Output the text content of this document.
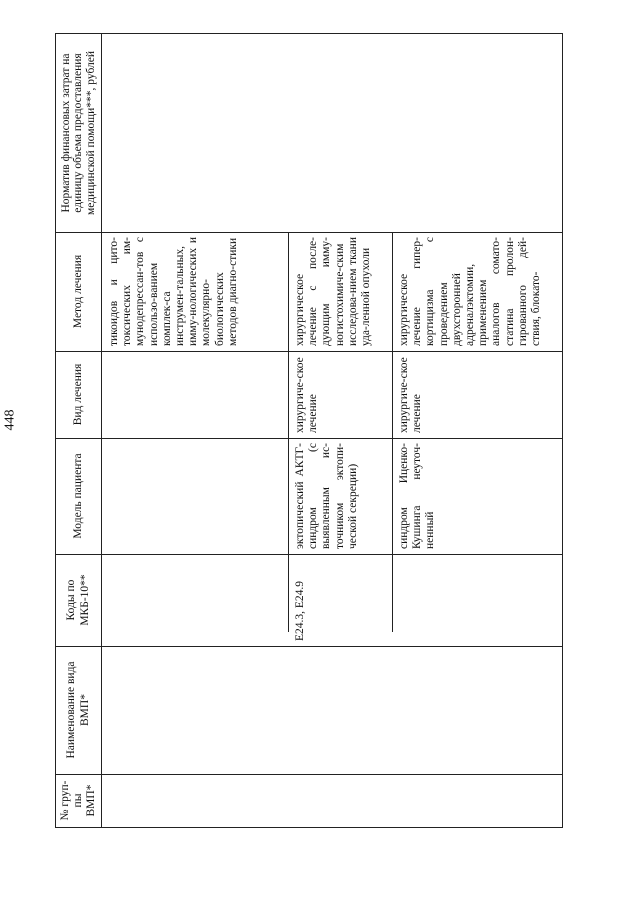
448
№ груп-пы ВМП*
Наименование вида ВМП*
Коды по МКБ-10**
Модель пациента
Вид лечения
Метод лечения
Норматив финансовых затрат на единицу объема предоставления медицинской помощи***, рублей
тикоидов и цито-токсических им-мунодепрессан-тов с использо-ванием комплек-са инструмен-тальных, имму-нологических и молекулярно-биологических методов диагно-стики
E24.3, E24.9
эктопический АКТГ-синдром (с выявленным ис-точником эктопи-ческой секреции)
хирургиче-ское лечение
хирургическое лечение с после-дующим имму-ногистохимиче-ским исследова-нием ткани уда-ленной опухоли
синдром Иценко-Кушинга неуточ-ненный
хирургиче-ское лечение
хирургическое лечение гипер-кортицизма с проведением двухсторонней адреналэктомии, применением аналогов сомато-статина пролон-гированного дей-ствия, блокато-
